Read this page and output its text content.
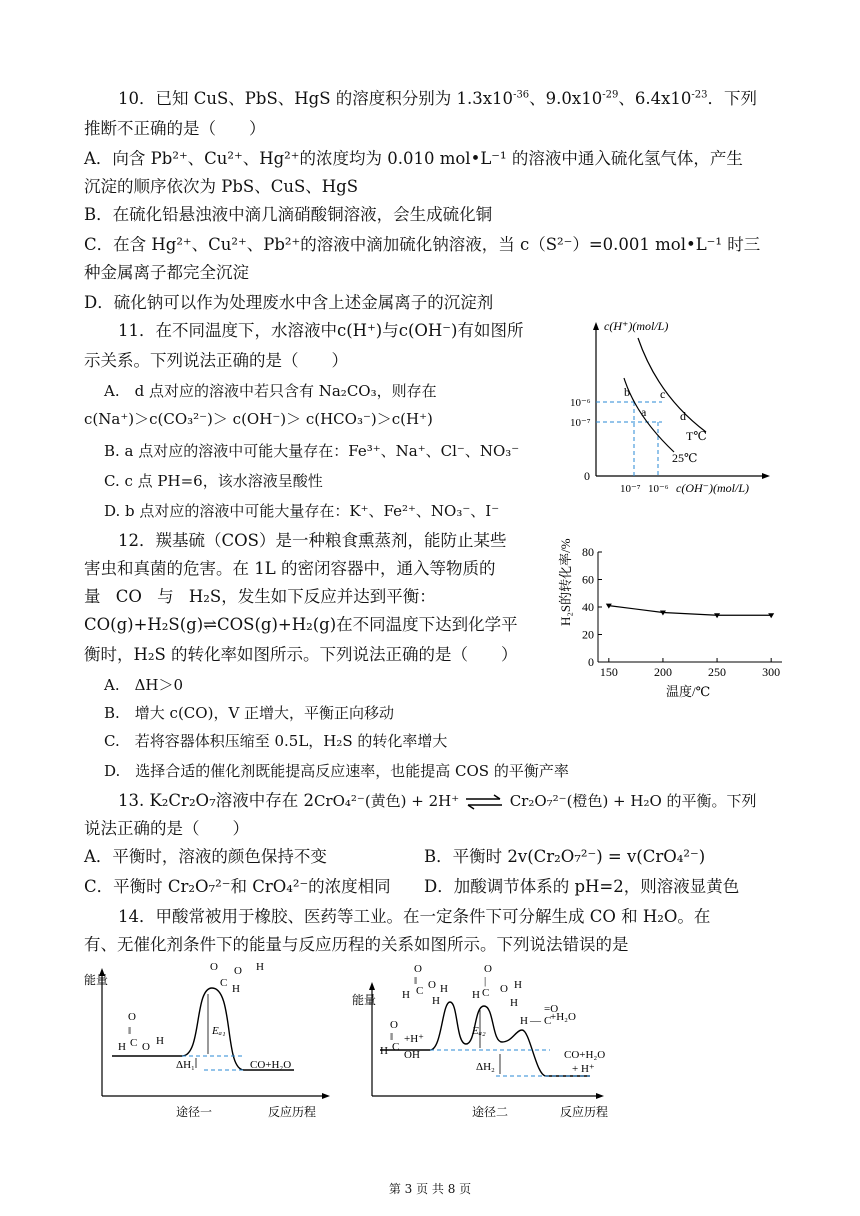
10．已知 CuS、PbS、HgS 的溶度积分别为 $1.3x10^{-36}$、$9.0x10^{-29}$、$6.4x10^{-23}$．下列
推断不正确的是（　　）
A．向含 Pb²⁺、Cu²⁺、Hg²⁺的浓度均为 0.010 mol•L⁻¹ 的溶液中通入硫化氢气体，产生
沉淀的顺序依次为 PbS、CuS、HgS
B．在硫化铅悬浊液中滴几滴硝酸铜溶液，会生成硫化铜
C．在含 Hg²⁺、Cu²⁺、Pb²⁺的溶液中滴加硫化钠溶液，当 c（S²⁻）=0.001 mol•L⁻¹ 时三
种金属离子都完全沉淀
D．硫化钠可以作为处理废水中含上述金属离子的沉淀剂
11．在不同温度下，水溶液中c(H⁺)与c(OH⁻)有如图所
示关系。下列说法正确的是（　　）
A.　d 点对应的溶液中若只含有 Na₂CO₃，则存在
c(Na⁺)＞c(CO₃²⁻)＞ c(OH⁻)＞ c(HCO₃⁻)＞c(H⁺)
B. a 点对应的溶液中可能大量存在：Fe³⁺、Na⁺、Cl⁻、NO₃⁻
C. c 点 PH=6，该水溶液呈酸性
D. b 点对应的溶液中可能大量存在：K⁺、Fe²⁺、NO₃⁻、I⁻
c(H⁺)(mol/L)
c(OH⁻)(mol/L)
0
10⁻⁶
10⁻⁷
10⁻⁷ 10⁻⁶
b
a
c
d
T℃
25℃
12．羰基硫（COS）是一种粮食熏蒸剂，能防止某些
害虫和真菌的危害。在 1L 的密闭容器中，通入等物质的
量 CO 与 H₂S，发生如下反应并达到平衡：
CO(g)+H₂S(g)⇌COS(g)+H₂(g)在不同温度下达到化学平
衡时，H₂S 的转化率如图所示。下列说法正确的是（　　）
A.　ΔH＞0
B.　增大 c(CO)，V 正增大，平衡正向移动
C.　若将容器体积压缩至 0.5L，H₂S 的转化率增大
D.　选择合适的催化剂既能提高反应速率，也能提高 COS 的平衡产率
H₂S的转化率/%
温度/℃
0
20
40
60
80
150	200	250	300
13. K₂Cr₂O₇溶液中存在 2CrO₄²⁻(黄色) + 2H⁺ ⇌ Cr₂O₇²⁻(橙色) + H₂O 的平衡。下列
说法正确的是（　　）
A．平衡时，溶液的颜色保持不变	B．平衡时 2v(Cr₂O₇²⁻) = v(CrO₄²⁻)
C．平衡时 Cr₂O₇²⁻和 CrO₄²⁻的浓度相同 D．加酸调节体系的 pH=2，则溶液显黄色
14．甲酸常被用于橡胶、医药等工业。在一定条件下可分解生成 CO 和 H₂O。在
有、无催化剂条件下的能量与反应历程的关系如图所示。下列说法错误的是
能量
反应历程
途径一
Eₐ₁
ΔH₁	CO+H₂O
O
‖
H C O H
O O H
C H
能量
反应历程
途径二
Eₐ₂
ΔH₂
CO+H₂O
+ H⁺
+H₂O
+H⁺
O
‖
H C
OH
O
‖
H C O H
H
O
|
H C O H
H
H — C
=O
第 3 页 共 8 页
